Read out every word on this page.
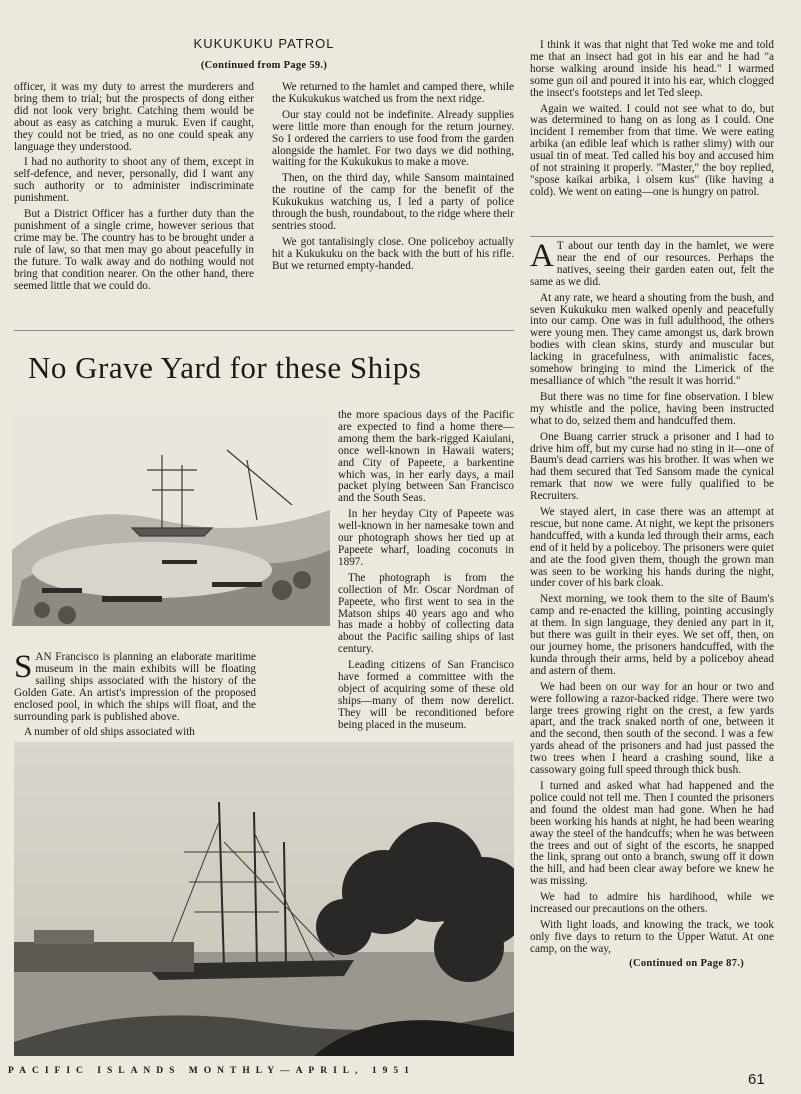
KUKUKUKU PATROL
(Continued from Page 59.)

officer, it was my duty to arrest the murderers and bring them to trial; but the prospects of dong either did not look very bright. Catching them would be about as easy as catching a muruk. Even if caught, they could not be tried, as no one could speak any language they understood.

I had no authority to shoot any of them, except in self-defence, and never, personally, did I want any such authority or to administer indiscriminate punishment.

But a District Officer has a further duty than the punishment of a single crime, however serious that crime may be. The country has to be brought under a rule of law, so that men may go about peacefully in the future. To walk away and do nothing would not bring that condition nearer. On the other hand, there seemed little that we could do.

We returned to the hamlet and camped there, while the Kukukukus watched us from the next ridge.

Our stay could not be indefinite. Already supplies were little more than enough for the return journey. So I ordered the carriers to use food from the garden alongside the hamlet. For two days we did nothing, waiting for the Kukukukus to make a move.

Then, on the third day, while Sansom maintained the routine of the camp for the benefit of the Kukukukus watching us, I led a party of police through the bush, roundabout, to the ridge where their sentries stood.

We got tantalisingly close. One policeboy actually hit a Kukukuku on the back with the butt of his rifle. But we returned empty-handed.

I think it was that night that Ted woke me and told me that an insect had got in his ear and he had "a horse walking around inside his head." I warmed some gun oil and poured it into his ear, which clogged the insect's footsteps and let Ted sleep.

Again we waited. I could not see what to do, but was determined to hang on as long as I could. One incident I remember from that time. We were eating arbika (an edible leaf which is rather slimy) with our usual tin of meat. Ted called his boy and accused him of not straining it properly. "Master," the boy replied, "spose kaikai arbika, i olsem kus" (like having a cold). We went on eating—one is hungry on patrol.

A T about our tenth day in the hamlet, we were near the end of our resources. Perhaps the natives, seeing their garden eaten out, felt the same as we did.

At any rate, we heard a shouting from the bush, and seven Kukukuku men walked openly and peacefully into our camp. One was in full adulthood, the others were young men. They came amongst us, dark brown bodies with clean skins, sturdy and muscular but lacking in gracefulness, with animalistic faces, somehow bringing to mind the Limerick of the mesalliance of which "the result it was horrid."

But there was no time for fine observation. I blew my whistle and the police, having been instructed what to do, seized them and handcuffed them.

One Buang carrier struck a prisoner and I had to drive him off, but my curse had no sting in it—one of Baum's dead carriers was his brother. It was when we had them secured that Ted Sansom made the cynical remark that now we were fully qualified to be Recruiters.

We stayed alert, in case there was an attempt at rescue, but none came. At night, we kept the prisoners handcuffed, with a kunda led through their arms, each end of it held by a policeboy. The prisoners were quiet and ate the food given them, though the grown man was seen to be working his hands during the night, under cover of his bark cloak.

Next morning, we took them to the site of Baum's camp and re-enacted the killing, pointing accusingly at them. In sign language, they denied any part in it, but there was guilt in their eyes. We set off, then, on our journey home, the prisoners handcuffed, with the kunda through their arms, held by a policeboy ahead and astern of them.

We had been on our way for an hour or two and were following a razor-backed ridge. There were two large trees growing right on the crest, a few yards apart, and the track snaked north of one, between it and the second, then south of the second. I was a few yards ahead of the prisoners and had just passed the two trees when I heard a crashing sound, like a cassowary going full speed through thick bush.

I turned and asked what had happened and the police could not tell me. Then I counted the prisoners and found the oldest man had gone. When he had been working his hands at night, he had been wearing away the steel of the handcuffs; when he was between the trees and out of sight of the escorts, he snapped the link, sprang out onto a branch, swung off it down the hill, and had been clear away before we knew he was missing.

We had to admire his hardihood, while we increased our precautions on the others.

With light loads, and knowing the track, we took only five days to return to the Upper Watut. At one camp, on the way,

(Continued on Page 87.)
No Grave Yard for these Ships

the more spacious days of the Pacific are expected to find a home there—among them the bark-rigged Kaiulani, once well-known in Hawaii waters; and City of Papeete, a barkentine which was, in her early days, a mail packet plying between San Francisco and the South Seas.

In her heyday City of Papeete was well-known in her namesake town and our photograph shows her tied up at Papeete wharf, loading coconuts in 1897.

The photograph is from the collection of Mr. Oscar Nordman of Papeete, who first went to sea in the Matson ships 40 years ago and who has made a hobby of collecting data about the Pacific sailing ships of last century.

Leading citizens of San Francisco have formed a committee with the object of acquiring some of these old ships—many of them now derelict. They will be reconditioned before being placed in the museum.

S AN Francisco is planning an elaborate maritime museum in the main exhibits will be floating sailing ships associated with the history of the Golden Gate. An artist's impression of the proposed enclosed pool, in which the ships will float, and the surrounding park is published above.

A number of old ships associated with

PACIFIC ISLANDS MONTHLY—APRIL, 1951	61
